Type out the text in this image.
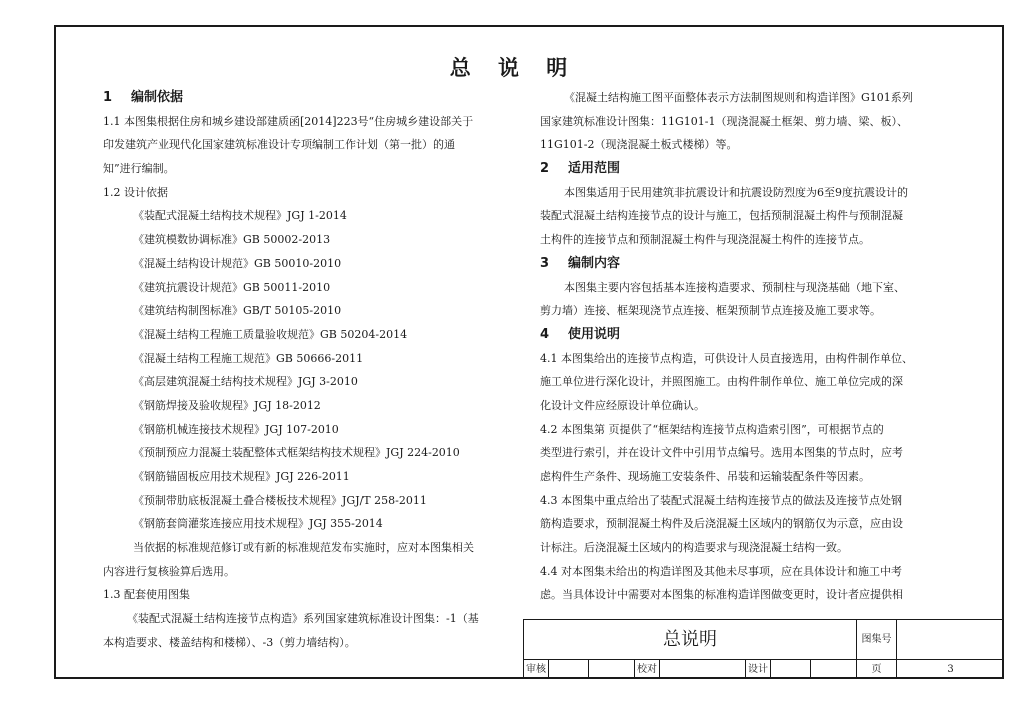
总 说 明
1 编制依据
1.1 本图集根据住房和城乡建设部建质函[2014]223号“住房城乡建设部关于
印发建筑产业现代化国家建筑标准设计专项编制工作计划（第一批）的通
知”进行编制。
1.2 设计依据
《装配式混凝土结构技术规程》JGJ 1-2014
《建筑模数协调标准》GB 50002-2013
《混凝土结构设计规范》GB 50010-2010
《建筑抗震设计规范》GB 50011-2010
《建筑结构制图标准》GB/T 50105-2010
《混凝土结构工程施工质量验收规范》GB 50204-2014
《混凝土结构工程施工规范》GB 50666-2011
《高层建筑混凝土结构技术规程》JGJ 3-2010
《钢筋焊接及验收规程》JGJ 18-2012
《钢筋机械连接技术规程》JGJ 107-2010
《预制预应力混凝土装配整体式框架结构技术规程》JGJ 224-2010
《钢筋锚固板应用技术规程》JGJ 226-2011
《预制带肋底板混凝土叠合楼板技术规程》JGJ/T 258-2011
《钢筋套筒灌浆连接应用技术规程》JGJ 355-2014
当依据的标准规范修订或有新的标准规范发布实施时，应对本图集相关
内容进行复核验算后选用。
1.3 配套使用图集
《装配式混凝土结构连接节点构造》系列国家建筑标准设计图集：-1（基
本构造要求、楼盖结构和楼梯）、-3（剪力墙结构）。
《混凝土结构施工图平面整体表示方法制图规则和构造详图》G101系列
国家建筑标准设计图集：11G101-1（现浇混凝土框架、剪力墙、梁、板）、
11G101-2（现浇混凝土板式楼梯）等。
2 适用范围
本图集适用于民用建筑非抗震设计和抗震设防烈度为6至9度抗震设计的
装配式混凝土结构连接节点的设计与施工，包括预制混凝土构件与预制混凝
土构件的连接节点和预制混凝土构件与现浇混凝土构件的连接节点。
3 编制内容
本图集主要内容包括基本连接构造要求、预制柱与现浇基础（地下室、
剪力墙）连接、框架现浇节点连接、框架预制节点连接及施工要求等。
4 使用说明
4.1 本图集给出的连接节点构造，可供设计人员直接选用，由构件制作单位、
施工单位进行深化设计，并照图施工。由构件制作单位、施工单位完成的深
化设计文件应经原设计单位确认。
4.2 本图集第 页提供了“框架结构连接节点构造索引图”，可根据节点的
类型进行索引，并在设计文件中引用节点编号。选用本图集的节点时，应考
虑构件生产条件、现场施工安装条件、吊装和运输装配条件等因素。
4.3 本图集中重点给出了装配式混凝土结构连接节点的做法及连接节点处钢
筋构造要求，预制混凝土构件及后浇混凝土区域内的钢筋仅为示意，应由设
计标注。后浇混凝土区域内的构造要求与现浇混凝土结构一致。
4.4 对本图集未给出的构造详图及其他未尽事项，应在具体设计和施工中考
虑。当具体设计中需要对本图集的标准构造详图做变更时，设计者应提供相
总说明	图集号
审核	校对	设计	页	3
